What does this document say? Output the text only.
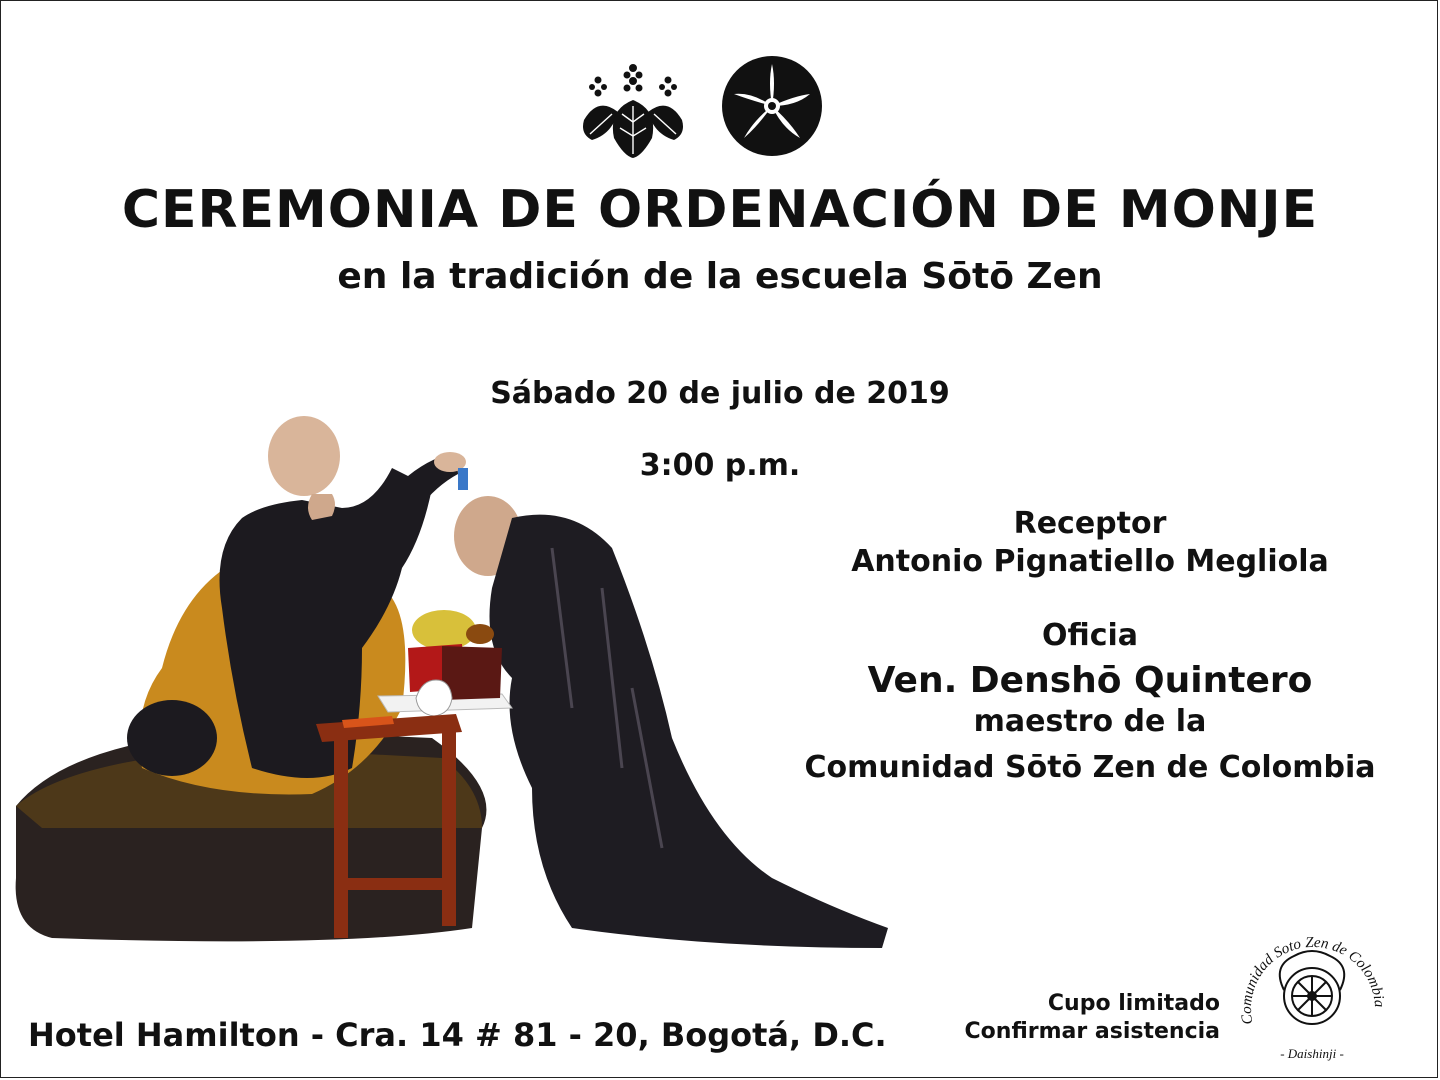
CEREMONIA DE ORDENACIÓN DE MONJE
en la tradición de la escuela Sōtō Zen
Sábado 20 de julio de 2019
3:00 p.m.
Receptor
Antonio Pignatiello Megliola
Oficia
Ven. Denshō Quintero
maestro de la
Comunidad Sōtō Zen de Colombia
Hotel Hamilton - Cra. 14 # 81 - 20, Bogotá, D.C.
Cupo limitado
Confirmar asistencia Comunidad Soto Zen de Colombia
- Daishinji -
